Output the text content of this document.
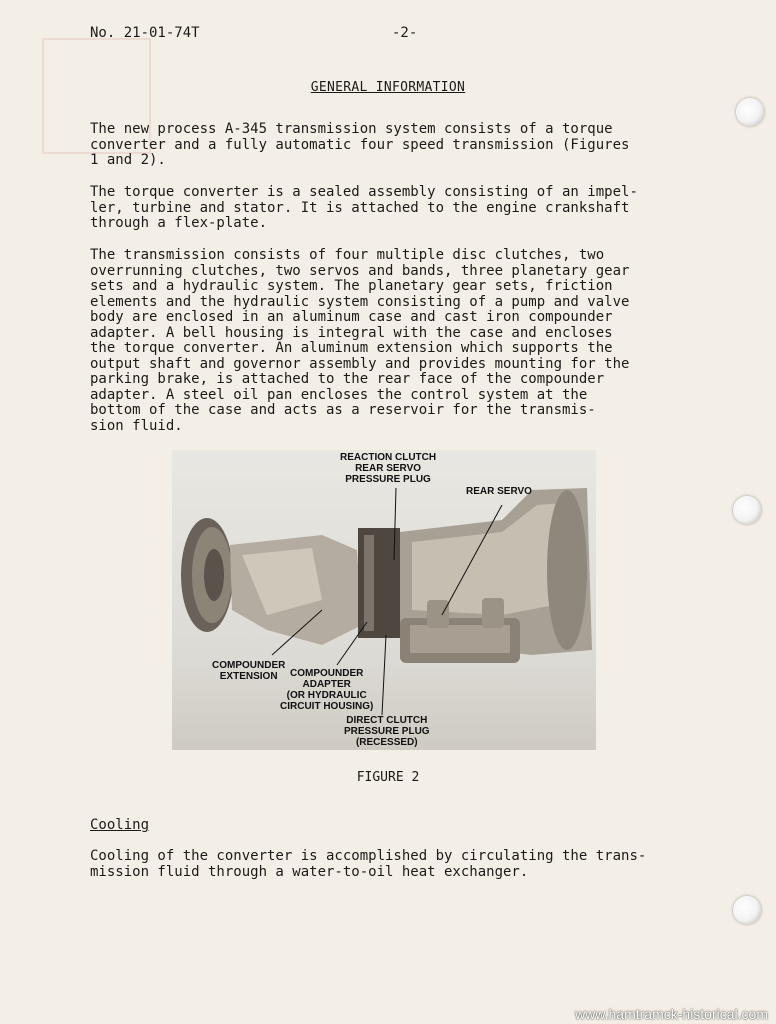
No. 21-01-74T	-2-
GENERAL INFORMATION

The new process A-345 transmission system consists of a torque
converter and a fully automatic four speed transmission (Figures
1 and 2).

The torque converter is a sealed assembly consisting of an impel-
ler, turbine and stator. It is attached to the engine crankshaft
through a flex-plate.

The transmission consists of four multiple disc clutches, two
overrunning clutches, two servos and bands, three planetary gear
sets and a hydraulic system. The planetary gear sets, friction
elements and the hydraulic system consisting of a pump and valve
body are enclosed in an aluminum case and cast iron compounder
adapter. A bell housing is integral with the case and encloses
the torque converter. An aluminum extension which supports the
output shaft and governor assembly and provides mounting for the
parking brake, is attached to the rear face of the compounder
adapter. A steel oil pan encloses the control system at the
bottom of the case and acts as a reservoir for the transmis-
sion fluid.

REACTION CLUTCH
REAR SERVO
PRESSURE PLUG
REAR SERVO
COMPOUNDER
EXTENSION	COMPOUNDER
ADAPTER
(OR HYDRAULIC
CIRCUIT HOUSING)
DIRECT CLUTCH
PRESSURE PLUG
(RECESSED)
FIGURE 2
Cooling

Cooling of the converter is accomplished by circulating the trans-
mission fluid through a water-to-oil heat exchanger.

www.hamtramck-historical.com
